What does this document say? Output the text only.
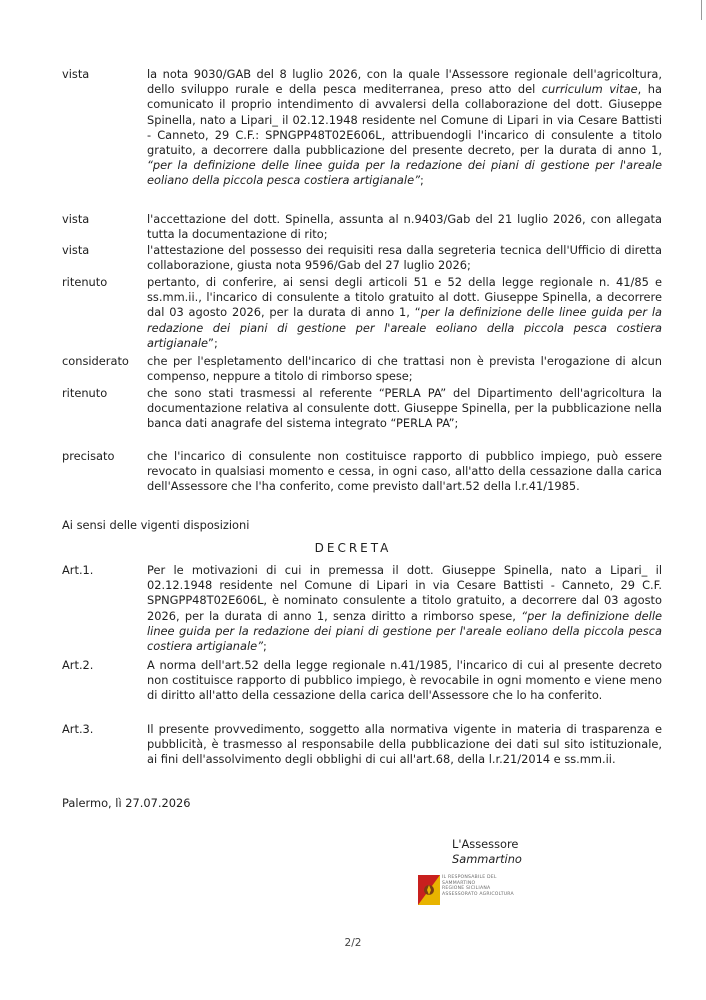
vista	la nota 9030/GAB del 8 luglio 2026, con la quale l'Assessore regionale dell'agricoltura, dello sviluppo rurale e della pesca mediterranea, preso atto del curriculum vitae, ha comunicato il proprio intendimento di avvalersi della collaborazione del dott. Giuseppe Spinella, nato a Lipari_ il 02.12.1948 residente nel Comune di Lipari in via Cesare Battisti - Canneto, 29 C.F.: SPNGPP48T02E606L, attribuendogli l'incarico di consulente a titolo gratuito, a decorrere dalla pubblicazione del presente decreto, per la durata di anno 1, “per la definizione delle linee guida per la redazione dei piani di gestione per l'areale eoliano della piccola pesca costiera artigianale”;
vista	l'accettazione del dott. Spinella, assunta al n.9403/Gab del 21 luglio 2026, con allegata tutta la documentazione di rito;
vista	l'attestazione del possesso dei requisiti resa dalla segreteria tecnica dell'Ufficio di diretta collaborazione, giusta nota 9596/Gab del 27 luglio 2026;
ritenuto	pertanto, di conferire, ai sensi degli articoli 51 e 52 della legge regionale n. 41/85 e ss.mm.ii., l'incarico di consulente a titolo gratuito al dott. Giuseppe Spinella, a decorrere dal 03 agosto 2026, per la durata di anno 1, “per la definizione delle linee guida per la redazione dei piani di gestione per l'areale eoliano della piccola pesca costiera artigianale”;
considerato	che per l'espletamento dell'incarico di che trattasi non è prevista l'erogazione di alcun compenso, neppure a titolo di rimborso spese;
ritenuto	che sono stati trasmessi al referente “PERLA PA” del Dipartimento dell'agricoltura la documentazione relativa al consulente dott. Giuseppe Spinella, per la pubblicazione nella banca dati anagrafe del sistema integrato “PERLA PA”;
precisato	che l'incarico di consulente non costituisce rapporto di pubblico impiego, può essere revocato in qualsiasi momento e cessa, in ogni caso, all'atto della cessazione dalla carica dell'Assessore che l'ha conferito, come previsto dall'art.52 della l.r.41/1985.
Ai sensi delle vigenti disposizioni
DECRETA
Art.1.	Per le motivazioni di cui in premessa il dott. Giuseppe Spinella, nato a Lipari_ il 02.12.1948 residente nel Comune di Lipari in via Cesare Battisti - Canneto, 29 C.F. SPNGPP48T02E606L, è nominato consulente a titolo gratuito, a decorrere dal 03 agosto 2026, per la durata di anno 1, senza diritto a rimborso spese, “per la definizione delle linee guida per la redazione dei piani di gestione per l'areale eoliano della piccola pesca costiera artigianale”;
Art.2.	A norma dell'art.52 della legge regionale n.41/1985, l'incarico di cui al presente decreto non costituisce rapporto di pubblico impiego, è revocabile in ogni momento e viene meno di diritto all'atto della cessazione della carica dell'Assessore che lo ha conferito.
Art.3.	Il presente provvedimento, soggetto alla normativa vigente in materia di trasparenza e pubblicità, è trasmesso al responsabile della pubblicazione dei dati sul sito istituzionale, ai fini dell'assolvimento degli obblighi di cui all'art.68, della l.r.21/2014 e ss.mm.ii.
Palermo, lì 27.07.2026
L'Assessore
Sammartino
IL RESPONSABILE DEL
SAMMARTINO
REGIONE SICILIANA
ASSESSORATO AGRICOLTURA
2/2
